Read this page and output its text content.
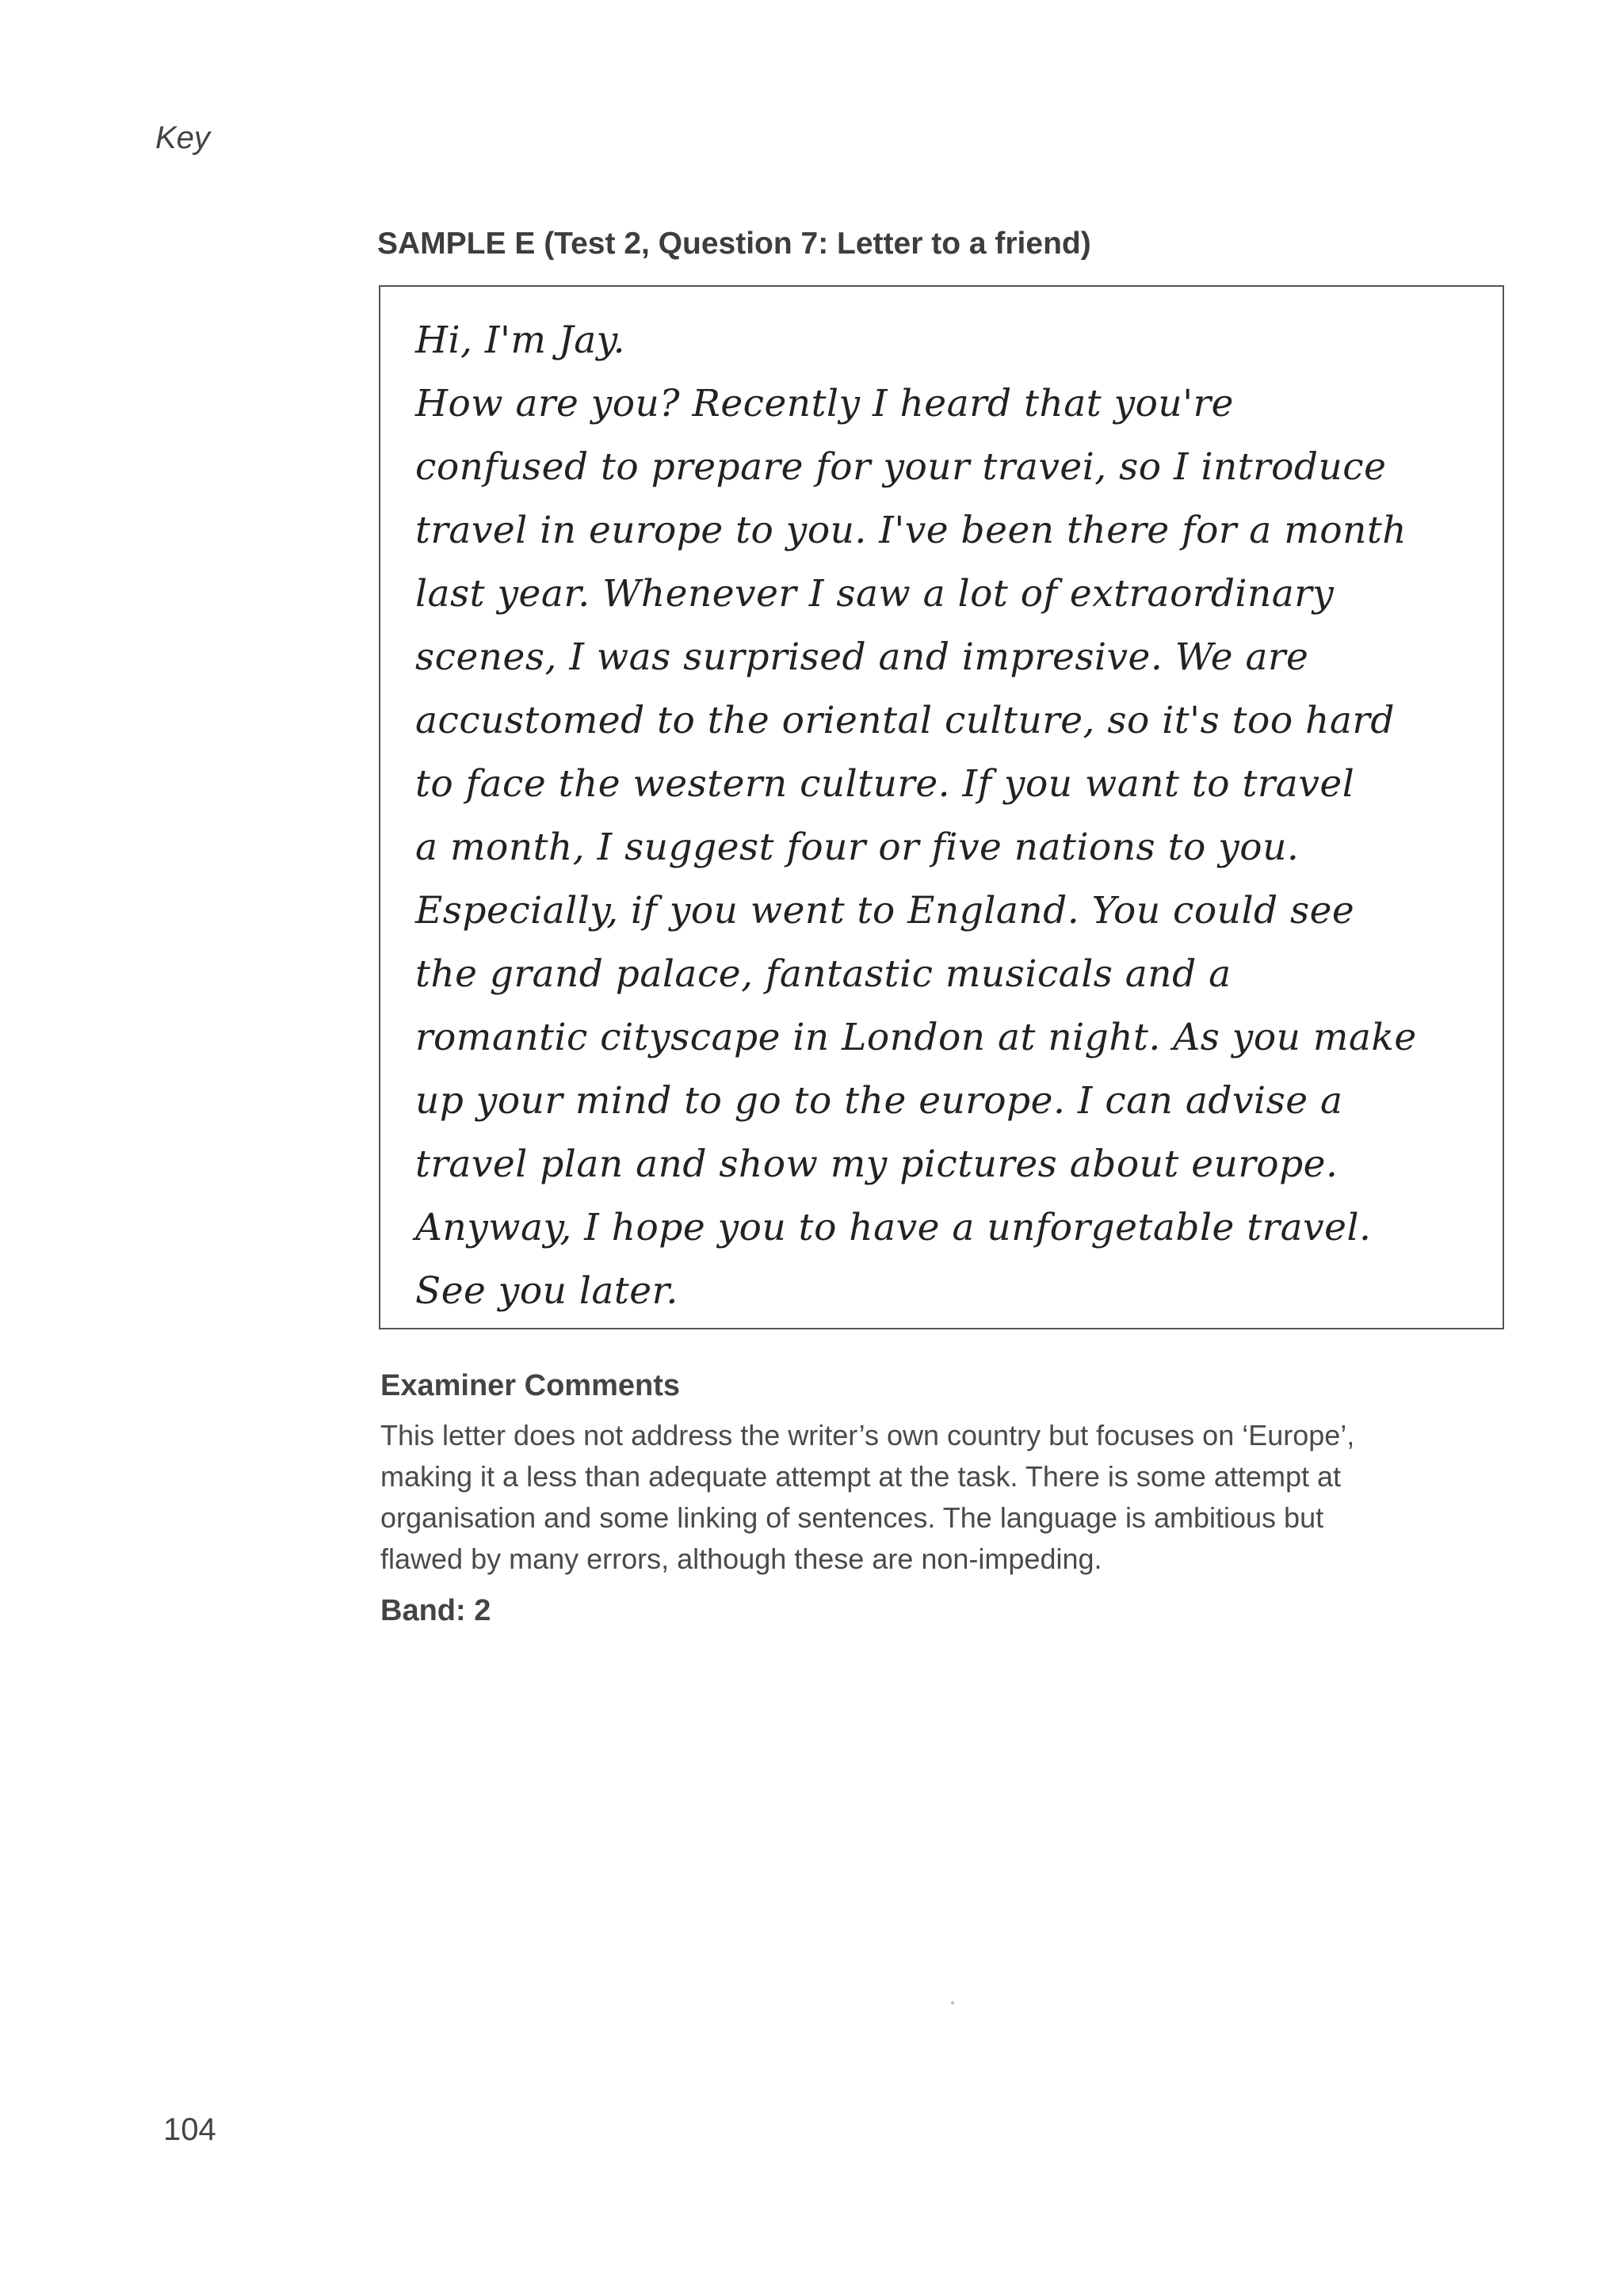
Key
SAMPLE E (Test 2, Question 7: Letter to a friend)
Hi, I'm Jay.
How are you? Recently I heard that you're
confused to prepare for your travei, so I introduce
travel in europe to you. I've been there for a month
last year. Whenever I saw a lot of extraordinary
scenes, I was surprised and impresive. We are
accustomed to the oriental culture, so it's too hard
to face the western culture. If you want to travel
a month, I suggest four or five nations to you.
Especially, if you went to England. You could see
the grand palace, fantastic musicals and a
romantic cityscape in London at night. As you make
up your mind to go to the europe. I can advise a
travel plan and show my pictures about europe.
Anyway, I hope you to have a unforgetable travel.
See you later.
Examiner Comments
This letter does not address the writer’s own country but focuses on ‘Europe’,
making it a less than adequate attempt at the task. There is some attempt at
organisation and some linking of sentences. The language is ambitious but
flawed by many errors, although these are non-impeding.
Band: 2
104
